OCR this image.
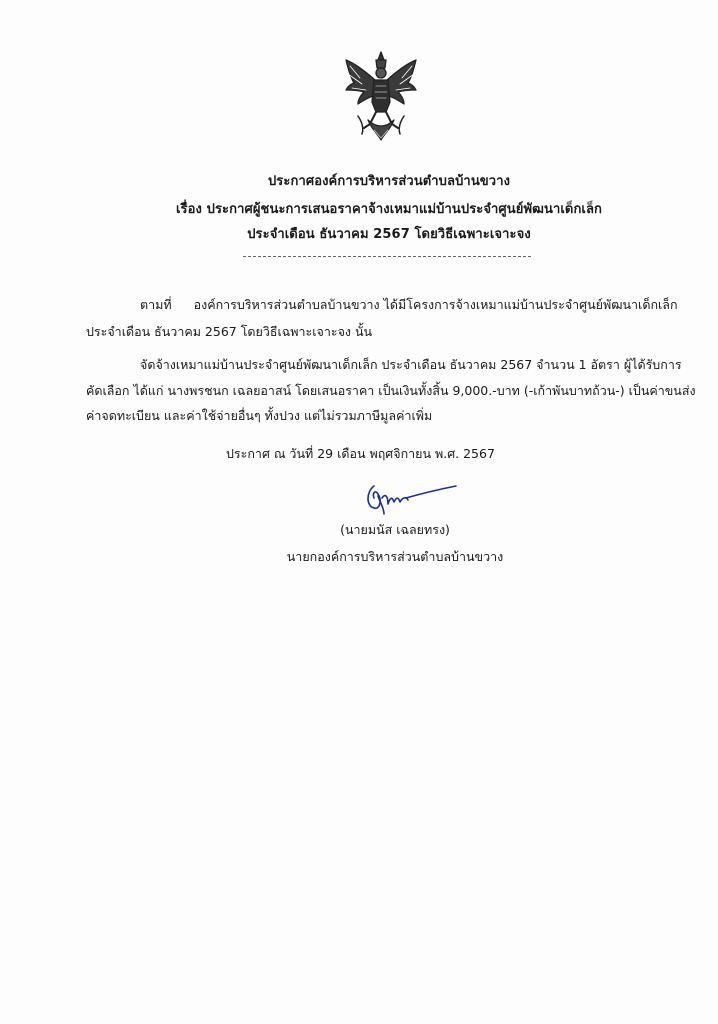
ประกาศองค์การบริหารส่วนตำบลบ้านขวาง
เรื่อง ประกาศผู้ชนะการเสนอราคาจ้างเหมาแม่บ้านประจำศูนย์พัฒนาเด็กเล็ก
ประจำเดือน ธันวาคม 2567 โดยวิธีเฉพาะเจาะจง
ตามที่ องค์การบริหารส่วนตำบลบ้านขวาง ได้มีโครงการจ้างเหมาแม่บ้านประจำศูนย์พัฒนาเด็กเล็ก
ประจำเดือน ธันวาคม 2567 โดยวิธีเฉพาะเจาะจง นั้น
จัดจ้างเหมาแม่บ้านประจำศูนย์พัฒนาเด็กเล็ก ประจำเดือน ธันวาคม 2567 จำนวน 1 อัตรา ผู้ได้รับการ
คัดเลือก ได้แก่ นางพรชนก เฉลยอาสน์ โดยเสนอราคา เป็นเงินทั้งสิ้น 9,000.-บาท (-เก้าพันบาทถ้วน-) เป็นค่าขนส่ง
ค่าจดทะเบียน และค่าใช้จ่ายอื่นๆ ทั้งปวง แต่ไม่รวมภาษีมูลค่าเพิ่ม
ประกาศ ณ วันที่ 29 เดือน พฤศจิกายน พ.ศ. 2567
(นายมนัส เฉลยทรง)
นายกองค์การบริหารส่วนตำบลบ้านขวาง
